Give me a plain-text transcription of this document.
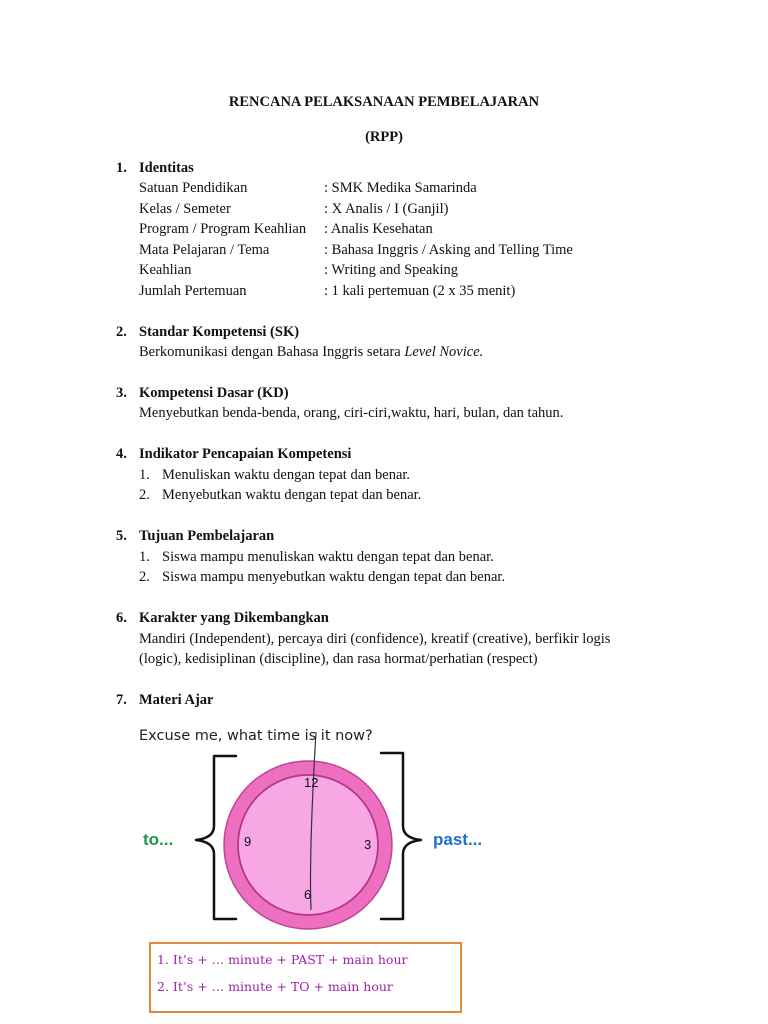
RENCANA PELAKSANAAN PEMBELAJARAN
(RPP)
1. Identitas
Satuan Pendidikan	: SMK Medika Samarinda
Kelas / Semeter	: X Analis / I (Ganjil)
Program / Program Keahlian : Analis Kesehatan
Mata Pelajaran / Tema	: Bahasa Inggris / Asking and Telling Time
Keahlian	: Writing and Speaking
Jumlah Pertemuan	: 1 kali pertemuan (2 x 35 menit)
2. Standar Kompetensi (SK)
Berkomunikasi dengan Bahasa Inggris setara Level Novice.
3. Kompetensi Dasar (KD)
Menyebutkan benda-benda, orang, ciri-ciri,waktu, hari, bulan, dan tahun.
4. Indikator Pencapaian Kompetensi
1. Menuliskan waktu dengan tepat dan benar.
2. Menyebutkan waktu dengan tepat dan benar.
5. Tujuan Pembelajaran
1. Siswa mampu menuliskan waktu dengan tepat dan benar.
2. Siswa mampu menyebutkan waktu dengan tepat dan benar.
6. Karakter yang Dikembangkan
Mandiri (Independent), percaya diri (confidence), kreatif (creative), berfikir logis
(logic), kedisiplinan (discipline), dan rasa hormat/perhatian (respect)
7. Materi Ajar
Excuse me, what time is it now?
12
9	3
6
to...	past...
1. It’s + … minute + PAST + main hour
2. It’s + … minute + TO + main hour
